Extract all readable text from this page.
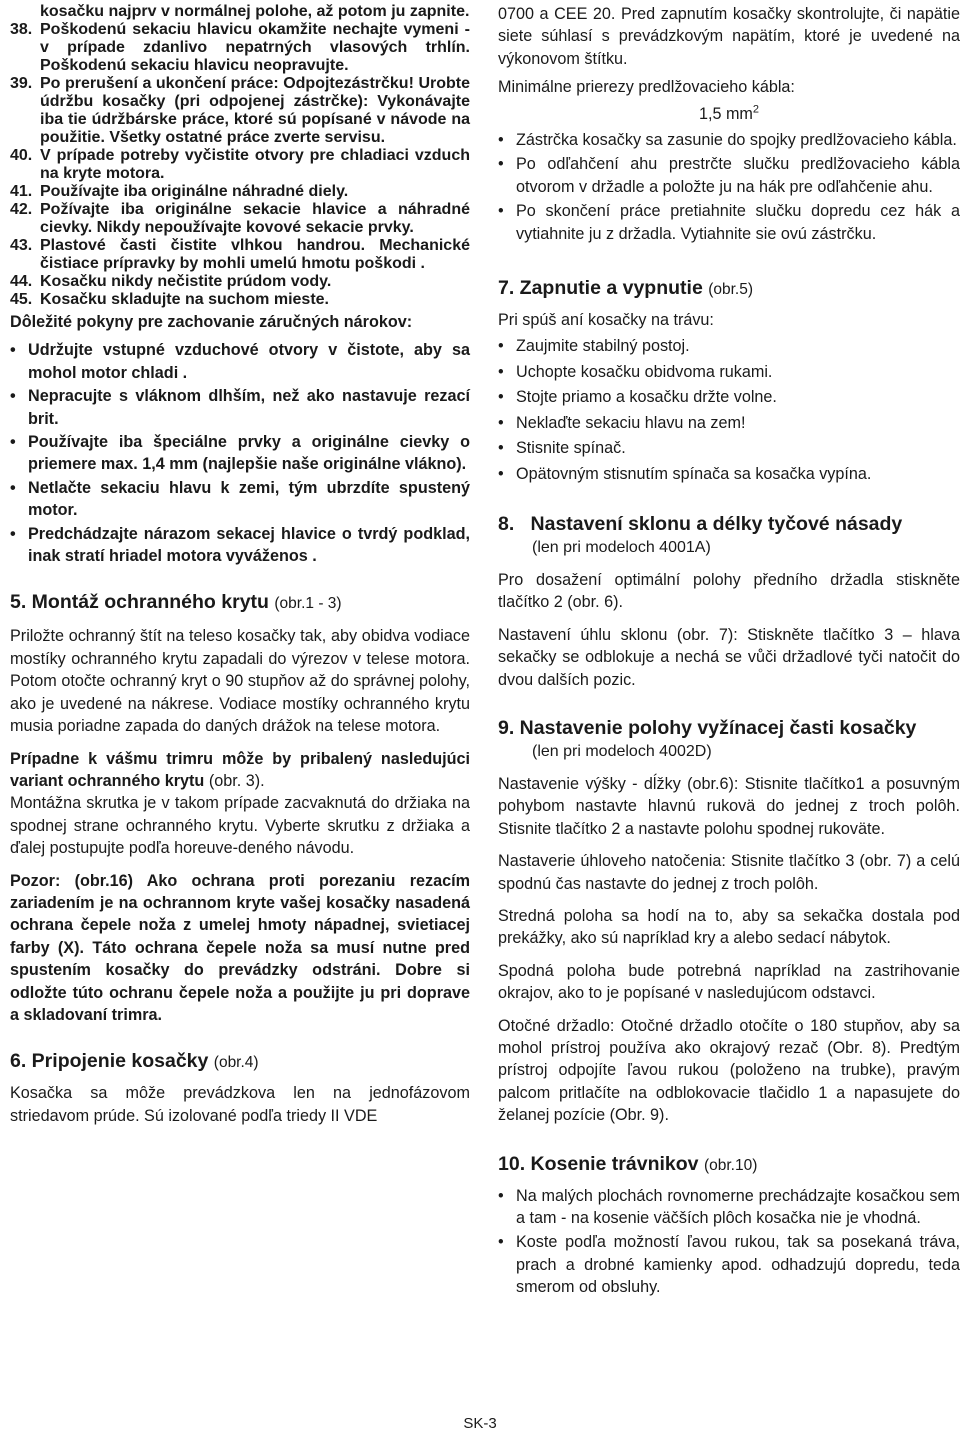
kosačku najprv v normálnej polohe, až potom ju zapnite.
38. Poškodenú sekaciu hlavicu okamžite nechajte vymeni - v prípade zdanlivo nepatrných vlasových trhlín. Poškodenú sekaciu hlavicu neopravujte.
39. Po prerušení a ukončení práce: Odpojtezástrčku! Urobte údržbu kosačky (pri odpojenej zástrčke): Vykonávajte iba tie údržbárske práce, ktoré sú popísané v návode na použitie. Všetky ostatné práce zverte servisu.
40. V prípade potreby vyčistite otvory pre chladiaci vzduch na kryte motora.
41. Používajte iba originálne náhradné diely.
42. Požívajte iba originálne sekacie hlavice a náhradné cievky. Nikdy nepoužívajte kovové sekacie prvky.
43. Plastové časti čistite vlhkou handrou. Mechanické čistiace prípravky by mohli umelú hmotu poškodi .
44. Kosačku nikdy nečistite prúdom vody.
45. Kosačku skladujte na suchom mieste.

Dôležité pokyny pre zachovanie záručných nárokov:

• Udržujte vstupné vzduchové otvory v čistote, aby sa mohol motor chladi .
• Nepracujte s vláknom dlhším, než ako nastavuje rezací brit.
• Používajte iba špeciálne prvky a originálne cievky o priemere max. 1,4 mm (najlepšie naše originálne vlákno).
• Netlačte sekaciu hlavu k zemi, tým ubrzdíte spustený motor.
• Predchádzajte nárazom sekacej hlavice o tvrdý podklad, inak stratí hriadel motora vyváženos .
5. Montáž ochranného krytu (obr.1 - 3)

Priložte ochranný štít na teleso kosačky tak, aby obidva vodiace mostíky ochranného krytu zapadali do výrezov v telese motora. Potom otočte ochranný kryt o 90 stupňov až do správnej polohy, ako je uvedené na nákrese. Vodiace mostíky ochranného krytu musia poriadne zapada do daných drážok na telese motora.

Prípadne k vášmu trimru môže by pribalený nasledujúci variant ochranného krytu (obr. 3).

Montážna skrutka je v takom prípade zacvaknutá do držiaka na spodnej strane ochranného krytu. Vyberte skrutku z držiaka a ďalej postupujte podľa horeuve-deného návodu.

Pozor: (obr.16) Ako ochrana proti porezaniu rezacím zariadením je na ochrannom kryte vašej kosačky nasadená ochrana čepele noža z umelej hmoty nápadnej, svietiacej farby (X). Táto ochrana čepele noža sa musí nutne pred spustením kosačky do prevádzky odstráni. Dobre si odložte túto ochranu čepele noža a použijte ju pri doprave a skladovaní trimra.

6. Pripojenie kosačky (obr.4)

Kosačka sa môže prevádzkova len na jednofázovom striedavom prúde. Sú izolované podľa triedy II VDE

0700 a CEE 20. Pred zapnutím kosačky skontrolujte, či napätie siete súhlasí s prevádzkovým napätím, ktoré je uvedené na výkonovom štítku.

Minimálne prierezy predlžovacieho kábla:

1,5 $mm^2$

• Zástrčka kosačky sa zasunie do spojky predlžovacieho kábla.
• Po odľahčení ahu prestrčte slučku predlžovacieho kábla otvorom v držadle a položte ju na hák pre odľahčenie ahu.
• Po skončení práce pretiahnite slučku dopredu cez hák a vytiahnite ju z držadla. Vytiahnite sie ovú zástrčku.
7. Zapnutie a vypnutie (obr.5)

Pri spúš aní kosačky na trávu:

• Zaujmite stabilný postoj.
• Uchopte kosačku obidvoma rukami.
• Stojte priamo a kosačku držte volne.
• Neklaďte sekaciu hlavu na zem!
• Stisnite spínač.
• Opätovným stisnutím spínača sa kosačka vypína.
8.   Nastavení sklonu a délky tyčové násady

(len pri modeloch 4001A)

Pro dosažení optimální polohy předního držadla stiskněte tlačítko 2 (obr. 6).

Nastavení úhlu sklonu (obr. 7): Stiskněte tlačítko 3 – hlava sekačky se odblokuje a nechá se vůči držadlové tyči natočit do dvou dalších pozic.

9. Nastavenie polohy vyžínacej časti kosačky

(len pri modeloch 4002D)

Nastavenie výšky - dĺžky (obr.6): Stisnite tlačítko1 a posuvným pohybom nastavte hlavnú rukovä do jednej z troch polôh. Stisnite tlačítko 2 a nastavte polohu spodnej rukoväte.

Nastaverie úhloveho natočenia: Stisnite tlačítko 3 (obr. 7) a celú spodnú čas nastavte do jednej z troch polôh.

Stredná poloha sa hodí na to, aby sa sekačka dostala pod prekážky, ako sú napríklad kry a alebo sedací nábytok.

Spodná poloha bude potrebná napríklad na zastrihovanie okrajov, ako to je popísané v nasledujúcom odstavci.

Otočné držadlo: Otočné držadlo otočíte o 180 stupňov, aby sa mohol prístroj používa ako okrajový rezač (Obr. 8). Predtým prístroj odpojíte ľavou rukou (položeno na trubke), pravým palcom pritlačíte na odblokovacie tlačidlo 1 a napasujete do želanej pozície (Obr. 9).

10. Kosenie trávnikov (obr.10)
• Na malých plochách rovnomerne prechádzajte kosačkou sem a tam - na kosenie väčších plôch kosačka nie je vhodná.
• Koste podľa možností ľavou rukou, tak sa posekaná tráva, prach a drobné kamienky apod. odhadzujú dopredu, teda smerom od obsluhy.
SK-3
